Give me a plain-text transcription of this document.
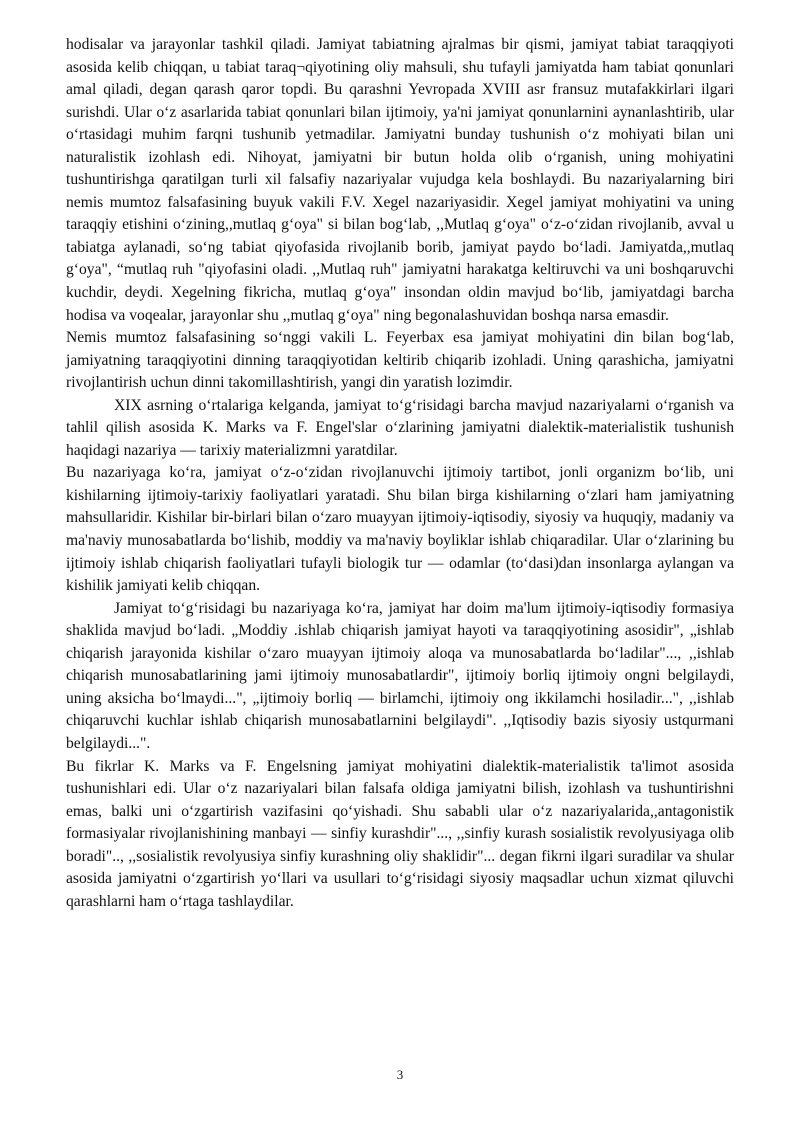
hodisalar va jarayonlar tashkil qiladi. Jamiyat tabiatning ajralmas bir qismi, jamiyat tabiat taraqqiyoti asosida kelib chiqqan, u tabiat taraq¬qiyotining oliy mahsuli, shu tufayli jamiyatda ham tabiat qonunlari amal qiladi, degan qarash qaror topdi. Bu qarashni Yevropada XVIII asr fransuz mutafakkirlari ilgari surishdi. Ular oʻz asarlarida tabiat qonunlari bilan ijtimoiy, ya'ni jamiyat qonunlarnini aynanlashtirib, ular oʻrtasidagi muhim farqni tushunib yetmadilar. Jamiyatni bunday tushunish oʻz mohiyati bilan uni naturalistik izohlash edi. Nihoyat, jamiyatni bir butun holda olib oʻrganish, uning mohiyatini tushuntirishga qaratilgan turli xil falsafiy nazariyalar vujudga kela boshlaydi. Bu nazariyalarning biri nemis mumtoz falsafasining buyuk vakili F.V. Xegel nazariyasidir. Xegel jamiyat mohiyatini va uning taraqqiy etishini oʻzining,,mutlaq gʻoya" si bilan bogʻlab, ,,Mutlaq gʻoya" oʻz-oʻzidan rivojlanib, avval u tabiatga aylanadi, soʻng tabiat qiyofasida rivojlanib borib, jamiyat paydo boʻladi. Jamiyatda,,mutlaq gʻoya", “mutlaq ruh "qiyofasini oladi. ,,Mutlaq ruh" jamiyatni harakatga keltiruvchi va uni boshqaruvchi kuchdir, deydi. Xegelning fikricha, mutlaq gʻoya" insondan oldin mavjud boʻlib, jamiyatdagi barcha hodisa va voqealar, jarayonlar shu ,,mutlaq gʻoya" ning begonalashuvidan boshqa narsa emasdir.

Nemis mumtoz falsafasining soʻnggi vakili L. Feyerbax esa jamiyat mohiyatini din bilan bogʻlab, jamiyatning taraqqiyotini dinning taraqqiyotidan keltirib chiqarib izohladi. Uning qarashicha, jamiyatni rivojlantirish uchun dinni takomillashtirish, yangi din yaratish lozimdir.

XIX asrning oʻrtalariga kelganda, jamiyat toʻgʻrisidagi barcha mavjud nazariyalarni oʻrganish va tahlil qilish asosida K. Marks va F. Engel'slar oʻzlarining jamiyatni dialektik-materialistik tushunish haqidagi nazariya — tarixiy materializmni yaratdilar.

Bu nazariyaga koʻra, jamiyat oʻz-oʻzidan rivojlanuvchi ijtimoiy tartibot, jonli organizm boʻlib, uni kishilarning ijtimoiy-tarixiy faoliyatlari yaratadi. Shu bilan birga kishilarning oʻzlari ham jamiyatning mahsullaridir. Kishilar bir-birlari bilan oʻzaro muayyan ijtimoiy-iqtisodiy, siyosiy va huquqiy, madaniy va ma'naviy munosabatlarda boʻlishib, moddiy va ma'naviy boyliklar ishlab chiqaradilar. Ular oʻzlarining bu ijtimoiy ishlab chiqarish faoliyatlari tufayli biologik tur — odamlar (toʻdasi)dan insonlarga aylangan va kishilik jamiyati kelib chiqqan.

Jamiyat toʻgʻrisidagi bu nazariyaga koʻra, jamiyat har doim ma'lum ijtimoiy-iqtisodiy formasiya shaklida mavjud boʻladi. „Moddiy .ishlab chiqarish jamiyat hayoti va taraqqiyotining asosidir", „ishlab chiqarish jarayonida kishilar oʻzaro muayyan ijtimoiy aloqa va munosabatlarda boʻladilar"..., ,,ishlab chiqarish munosabatlarining jami ijtimoiy munosabatlardir", ijtimoiy borliq ijtimoiy ongni belgilaydi, uning aksicha boʻlmaydi...", „ijtimoiy borliq — birlamchi, ijtimoiy ong ikkilamchi hosiladir...", ,,ishlab chiqaruvchi kuchlar ishlab chiqarish munosabatlarnini belgilaydi". ,,Iqtisodiy bazis siyosiy ustqurmani belgilaydi...".

Bu fikrlar K. Marks va F. Engelsning jamiyat mohiyatini dialektik-materialistik ta'limot asosida tushunishlari edi. Ular oʻz nazariyalari bilan falsafa oldiga jamiyatni bilish, izohlash va tushuntirishni emas, balki uni oʻzgartirish vazifasini qoʻyishadi. Shu sababli ular oʻz nazariyalarida,,antagonistik formasiyalar rivojlanishining manbayi — sinfiy kurashdir"..., ,,sinfiy kurash sosialistik revolyusiyaga olib boradi".., ,,sosialistik revolyusiya sinfiy kurashning oliy shaklidir"... degan fikrni ilgari suradilar va shular asosida jamiyatni oʻzgartirish yoʻllari va usullari toʻgʻrisidagi siyosiy maqsadlar uchun xizmat qiluvchi qarashlarni ham oʻrtaga tashlaydilar.

3
